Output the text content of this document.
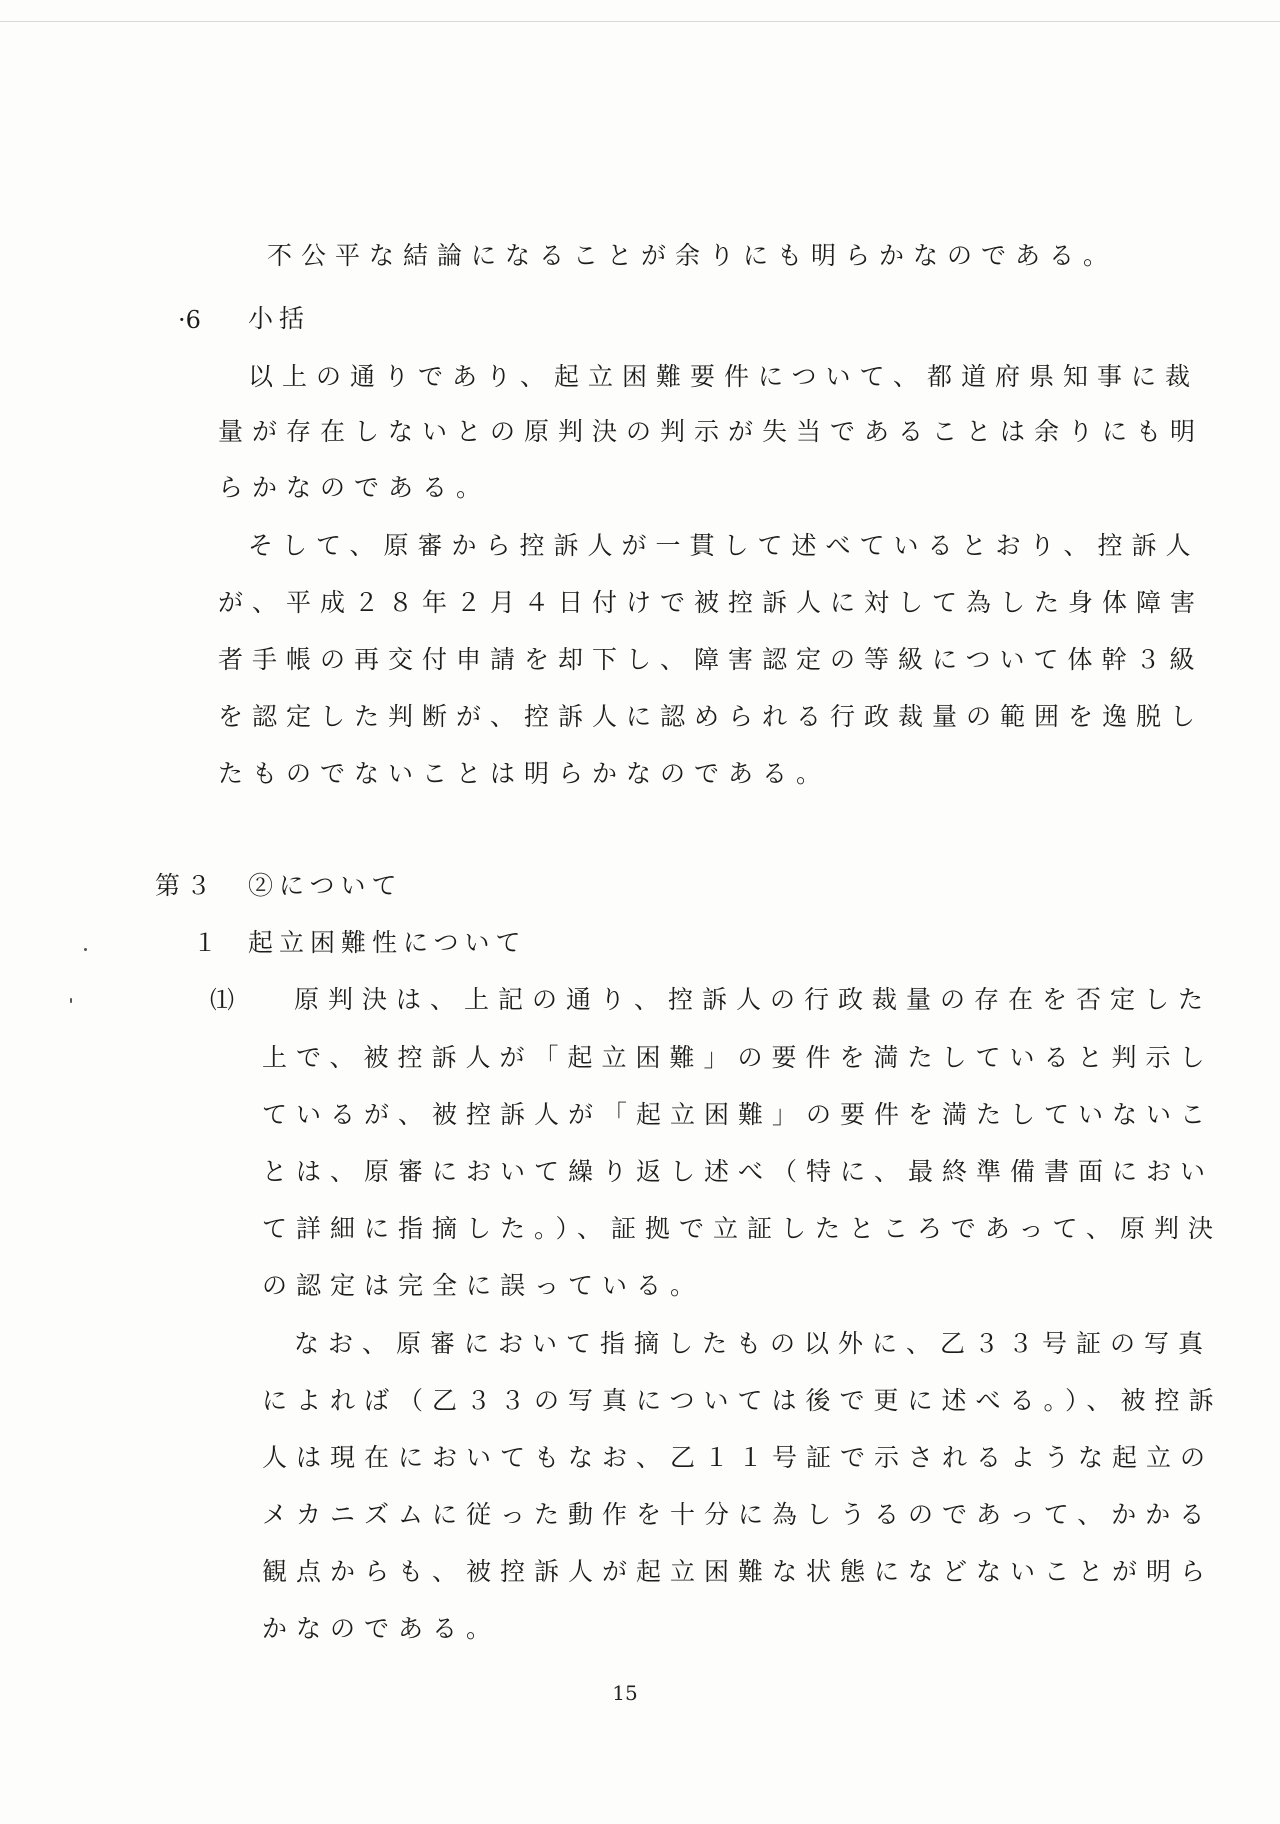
不公平な結論になることが余りにも明らかなのである。
·6 小括
以上の通りであり、起立困難要件について、都道府県知事に裁
量が存在しないとの原判決の判示が失当であることは余りにも明
らかなのである。
そして、原審から控訴人が一貫して述べているとおり、控訴人
が、平成２８年２月４日付けで被控訴人に対して為した身体障害
者手帳の再交付申請を却下し、障害認定の等級について体幹３級
を認定した判断が、控訴人に認められる行政裁量の範囲を逸脱し
たものでないことは明らかなのである。
第３ ②について
１ 起立困難性について
⑴ 原判決は、上記の通り、控訴人の行政裁量の存在を否定した
上で、被控訴人が「起立困難」の要件を満たしていると判示し
ているが、被控訴人が「起立困難」の要件を満たしていないこ
とは、原審において繰り返し述べ（特に、最終準備書面におい
て詳細に指摘した。）、証拠で立証したところであって、原判決
の認定は完全に誤っている。
なお、原審において指摘したもの以外に、乙３３号証の写真
によれば（乙３３の写真については後で更に述べる。）、被控訴
人は現在においてもなお、乙１１号証で示されるような起立の
メカニズムに従った動作を十分に為しうるのであって、かかる
観点からも、被控訴人が起立困難な状態になどないことが明ら
かなのである。
15
